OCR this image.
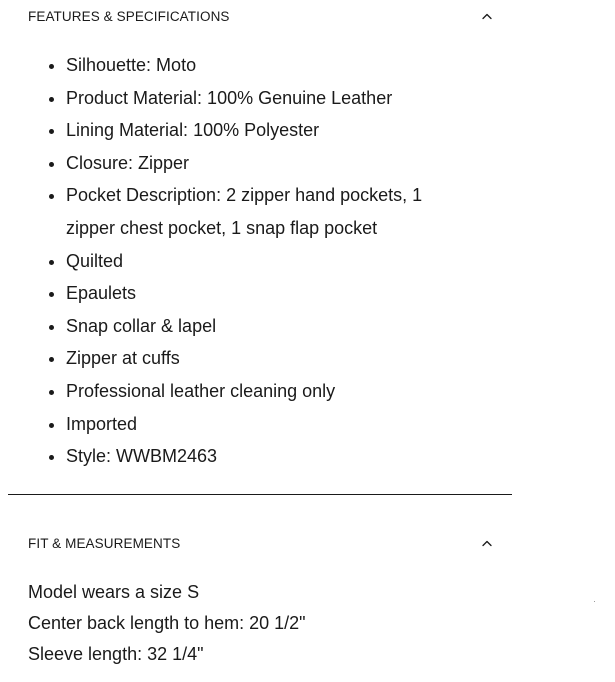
FEATURES & SPECIFICATIONS
• Silhouette: Moto
• Product Material: 100% Genuine Leather
• Lining Material: 100% Polyester
• Closure: Zipper
• Pocket Description: 2 zipper hand pockets, 1 zipper chest pocket, 1 snap flap pocket
• Quilted
• Epaulets
• Snap collar & lapel
• Zipper at cuffs
• Professional leather cleaning only
• Imported
• Style: WWBM2463
FIT & MEASUREMENTS
Model wears a size S
Center back length to hem: 20 1/2"
Sleeve length: 32 1/4"
